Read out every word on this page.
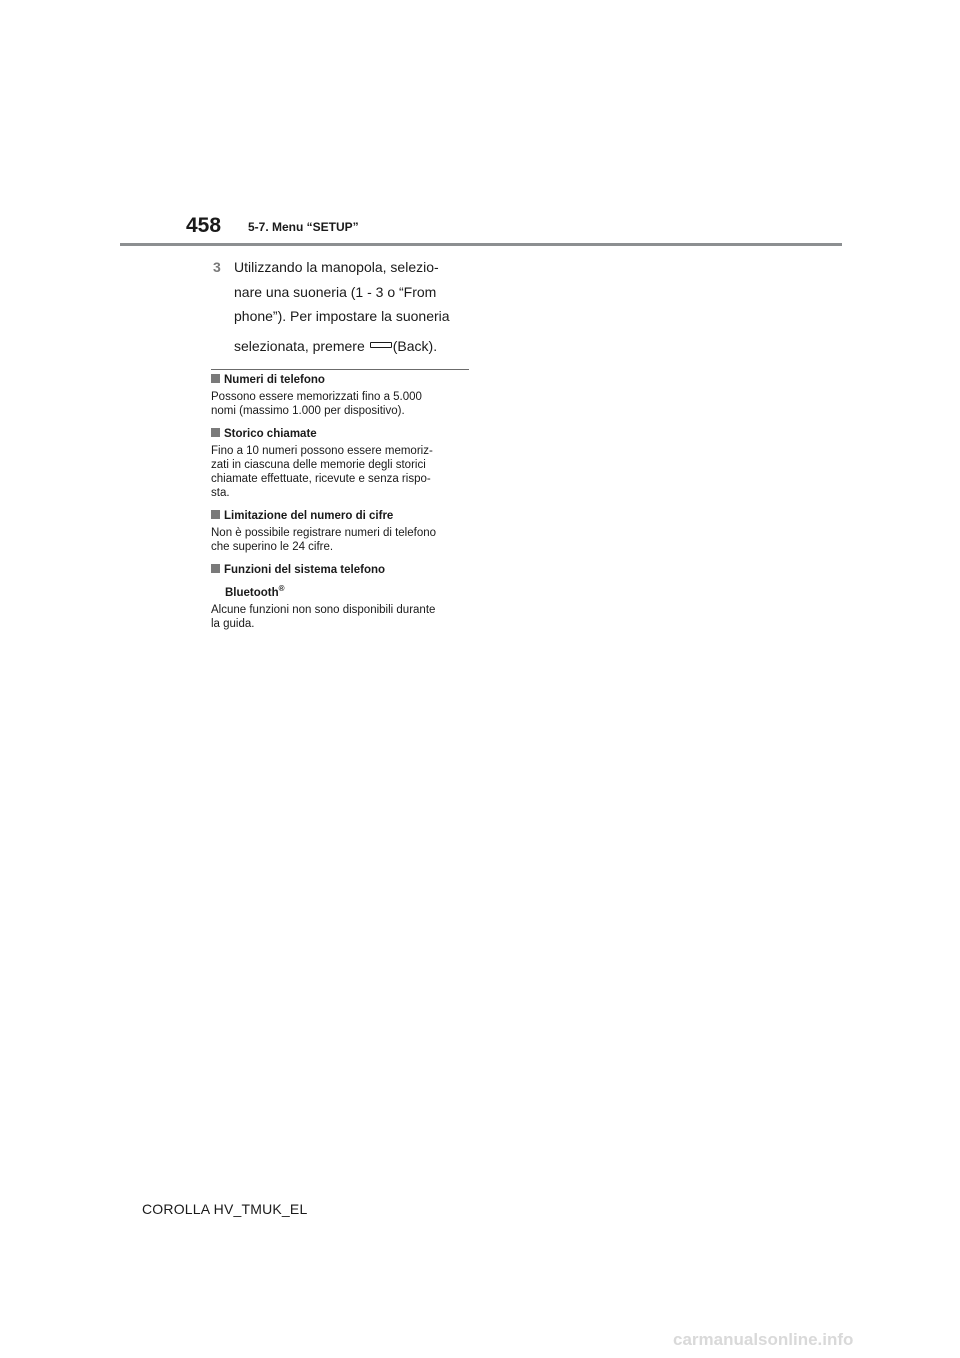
458 5-7. Menu “SETUP”
3 Utilizzando la manopola, selezio-
nare una suoneria (1 - 3 o “From
phone”). Per impostare la suoneria
selezionata, premere (Back).
Numeri di telefono
Possono essere memorizzati fino a 5.000
nomi (massimo 1.000 per dispositivo).
Storico chiamate
Fino a 10 numeri possono essere memoriz-
zati in ciascuna delle memorie degli storici
chiamate effettuate, ricevute e senza rispo-
sta.
Limitazione del numero di cifre
Non è possibile registrare numeri di telefono
che superino le 24 cifre.
Funzioni del sistema telefono
Bluetooth®
Alcune funzioni non sono disponibili durante
la guida.
COROLLA HV_TMUK_EL
carmanualsonline.info
